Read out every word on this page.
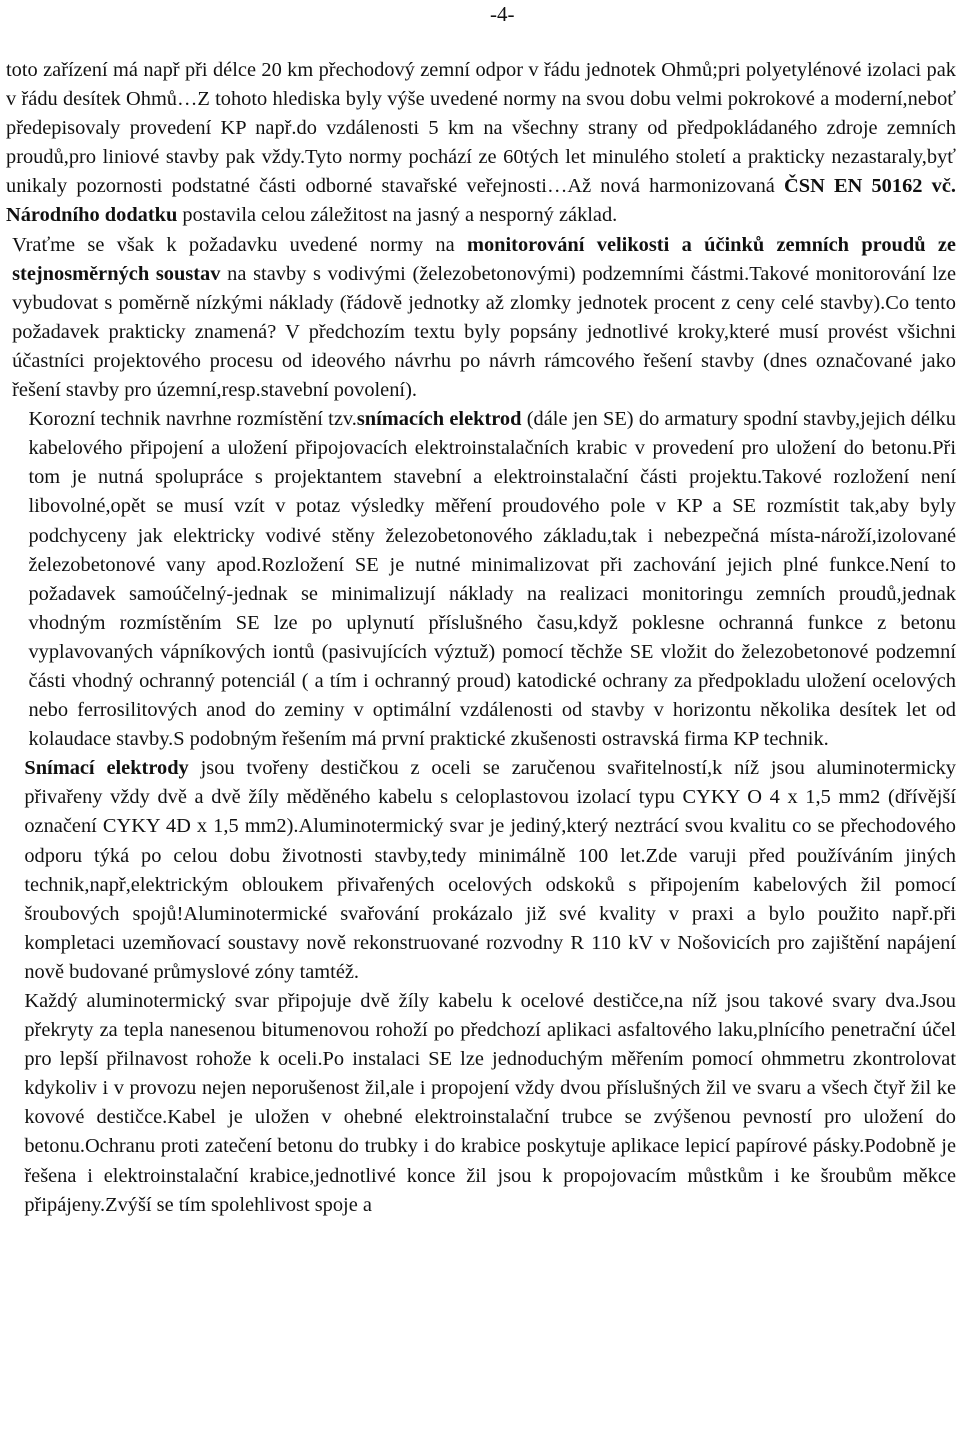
-4-

toto zařízení má např při délce 20 km přechodový zemní odpor v řádu jednotek Ohmů;pri polyetylénové izolaci pak v řádu desítek Ohmů…Z tohoto hlediska byly výše uvedené normy na svou dobu velmi pokrokové a moderní,neboť předepisovaly provedení KP např.do vzdálenosti 5 km na všechny strany od předpokládaného zdroje zemních proudů,pro liniové stavby pak vždy.Tyto normy pochází ze 60tých let minulého století a prakticky nezastaraly,byť unikaly pozornosti podstatné části odborné stavařské veřejnosti…Až nová harmonizovaná ČSN EN 50162 vč. Národního dodatku postavila celou záležitost na jasný a nesporný základ.

Vraťme se však k požadavku uvedené normy na monitorování velikosti a účinků zemních proudů ze stejnosměrných soustav na stavby s vodivými (železobetonovými) podzemními částmi.Takové monitorování lze vybudovat s poměrně nízkými náklady (řádově jednotky až zlomky jednotek procent z ceny celé stavby).Co tento požadavek prakticky znamená? V předchozím textu byly popsány jednotlivé kroky,které musí provést všichni účastníci projektového procesu od ideového návrhu po návrh rámcového řešení stavby (dnes označované jako řešení stavby pro územní,resp.stavební povolení).

Korozní technik navrhne rozmístění tzv.snímacích elektrod (dále jen SE) do armatury spodní stavby,jejich délku kabelového připojení a uložení připojovacích elektroinstalačních krabic v provedení pro uložení do betonu.Při tom je nutná spolupráce s projektantem stavební a elektroinstalační části projektu.Takové rozložení není libovolné,opět se musí vzít v potaz výsledky měření proudového pole v KP a SE rozmístit tak,aby byly podchyceny jak elektricky vodivé stěny železobetonového základu,tak i nebezpečná místa-nároží,izolované železobetonové vany apod.Rozložení SE je nutné minimalizovat při zachování jejich plné funkce.Není to požadavek samoúčelný-jednak se minimalizují náklady na realizaci monitoringu zemních proudů,jednak vhodným rozmístěním SE lze po uplynutí příslušného času,když poklesne ochranná funkce z betonu vyplavovaných vápníkových iontů (pasivujících výztuž) pomocí těchže SE vložit do železobetonové podzemní části vhodný ochranný potenciál ( a tím i ochranný proud) katodické ochrany za předpokladu uložení ocelových nebo ferrosilitových anod do zeminy v optimální vzdálenosti od stavby v horizontu několika desítek let od kolaudace stavby.S podobným řešením má první praktické zkušenosti ostravská firma KP technik.

Snímací elektrody jsou tvořeny destičkou z oceli se zaručenou svařitelností,k níž jsou aluminotermicky přivařeny vždy dvě a dvě žíly měděného kabelu s celoplastovou izolací typu CYKY O 4 x 1,5 mm2 (dřívější označení CYKY 4D x 1,5 mm2).Aluminotermický svar je jediný,který neztrácí svou kvalitu co se přechodového odporu týká po celou dobu životnosti stavby,tedy minimálně 100 let.Zde varuji před používáním jiných technik,např,elektrickým obloukem přivařených ocelových odskoků s připojením kabelových žil pomocí šroubových spojů!Aluminotermické svařování prokázalo již své kvality v praxi a bylo použito např.při kompletaci uzemňovací soustavy nově rekonstruované rozvodny R 110 kV v Nošovicích pro zajištění napájení nově budované průmyslové zóny tamtéž.

Každý aluminotermický svar připojuje dvě žíly kabelu k ocelové destičce,na níž jsou takové svary dva.Jsou překryty za tepla nanesenou bitumenovou rohoží po předchozí aplikaci asfaltového laku,plnícího penetrační účel pro lepší přilnavost rohože k oceli.Po instalaci SE lze jednoduchým měřením pomocí ohmmetru zkontrolovat kdykoliv i v provozu nejen neporušenost žil,ale i propojení vždy dvou příslušných žil ve svaru a všech čtyř žil ke kovové destičce.Kabel je uložen v ohebné elektroinstalační trubce se zvýšenou pevností pro uložení do betonu.Ochranu proti zatečení betonu do trubky i do krabice poskytuje aplikace lepicí papírové pásky.Podobně je řešena i elektroinstalační krabice,jednotlivé konce žil jsou k propojovacím můstkům i ke šroubům měkce připájeny.Zvýší se tím spolehlivost spoje a
